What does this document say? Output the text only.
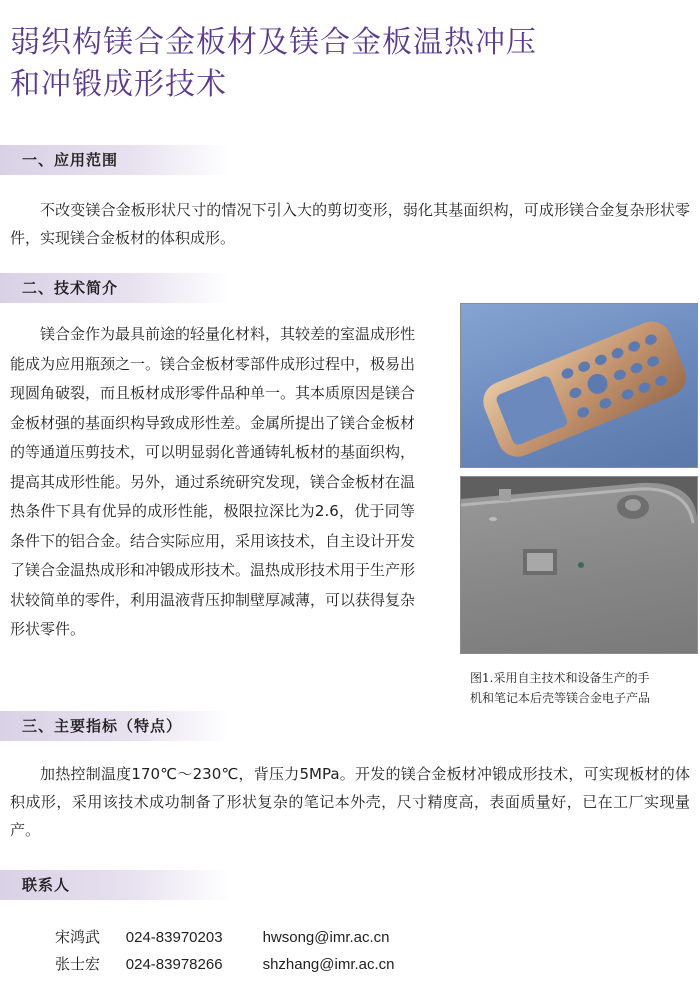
弱织构镁合金板材及镁合金板温热冲压
和冲锻成形技术
一、应用范围

不改变镁合金板形状尺寸的情况下引入大的剪切变形，弱化其基面织构，可成形镁合金复杂形状零件，实现镁合金板材的体积成形。

二、技术简介

镁合金作为最具前途的轻量化材料，其较差的室温成形性能成为应用瓶颈之一。镁合金板材零部件成形过程中，极易出现圆角破裂，而且板材成形零件品种单一。其本质原因是镁合金板材强的基面织构导致成形性差。金属所提出了镁合金板材的等通道压剪技术，可以明显弱化普通铸轧板材的基面织构，提高其成形性能。另外，通过系统研究发现，镁合金板材在温热条件下具有优异的成形性能，极限拉深比为2.6，优于同等条件下的铝合金。结合实际应用，采用该技术，自主设计开发了镁合金温热成形和冲锻成形技术。温热成形技术用于生产形状较简单的零件，利用温液背压抑制壁厚减薄，可以获得复杂形状零件。

图1.采用自主技术和设备生产的手
机和笔记本后壳等镁合金电子产品

三、主要指标（特点）

加热控制温度170℃～230℃，背压力5MPa。开发的镁合金板材冲锻成形技术，可实现板材的体积成形，采用该技术成功制备了形状复杂的笔记本外壳，尺寸精度高，表面质量好，已在工厂实现量产。

联系人
宋鸿武 024-83970203	hwsong@imr.ac.cn
张士宏 024-83978266	shzhang@imr.ac.cn
